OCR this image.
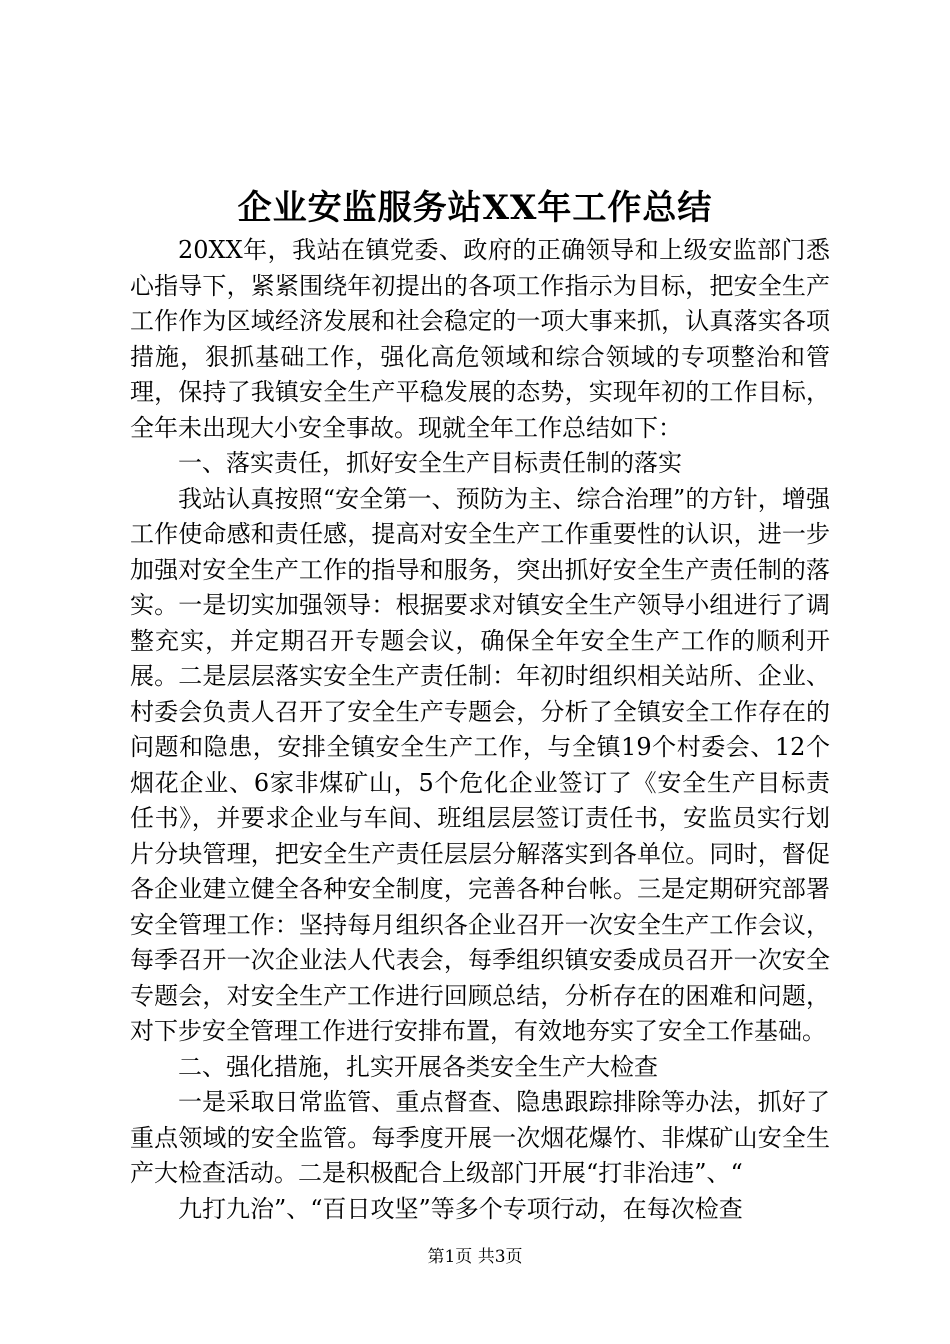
企业安监服务站XX年工作总结

20XX年，我站在镇党委、政府的正确领导和上级安监部门悉心指导下，紧紧围绕年初提出的各项工作指示为目标，把安全生产工作作为区域经济发展和社会稳定的一项大事来抓，认真落实各项措施，狠抓基础工作，强化高危领域和综合领域的专项整治和管理，保持了我镇安全生产平稳发展的态势，实现年初的工作目标，全年未出现大小安全事故。现就全年工作总结如下：

一、落实责任，抓好安全生产目标责任制的落实

我站认真按照“安全第一、预防为主、综合治理”的方针，增强工作使命感和责任感，提高对安全生产工作重要性的认识，进一步加强对安全生产工作的指导和服务，突出抓好安全生产责任制的落实。一是切实加强领导：根据要求对镇安全生产领导小组进行了调整充实，并定期召开专题会议，确保全年安全生产工作的顺利开展。二是层层落实安全生产责任制：年初时组织相关站所、企业、村委会负责人召开了安全生产专题会，分析了全镇安全工作存在的问题和隐患，安排全镇安全生产工作，与全镇19个村委会、12个烟花企业、6家非煤矿山，5个危化企业签订了《安全生产目标责任书》，并要求企业与车间、班组层层签订责任书，安监员实行划片分块管理，把安全生产责任层层分解落实到各单位。同时，督促各企业建立健全各种安全制度，完善各种台帐。三是定期研究部署安全管理工作：坚持每月组织各企业召开一次安全生产工作会议，每季召开一次企业法人代表会，每季组织镇安委成员召开一次安全专题会，对安全生产工作进行回顾总结，分析存在的困难和问题，对下步安全管理工作进行安排布置，有效地夯实了安全工作基础。

二、强化措施，扎实开展各类安全生产大检查

一是采取日常监管、重点督查、隐患跟踪排除等办法，抓好了重点领域的安全监管。每季度开展一次烟花爆竹、非煤矿山安全生产大检查活动。二是积极配合上级部门开展“打非治违”、“

九打九治”、“百日攻坚”等多个专项行动，在每次检查

第1页 共3页
